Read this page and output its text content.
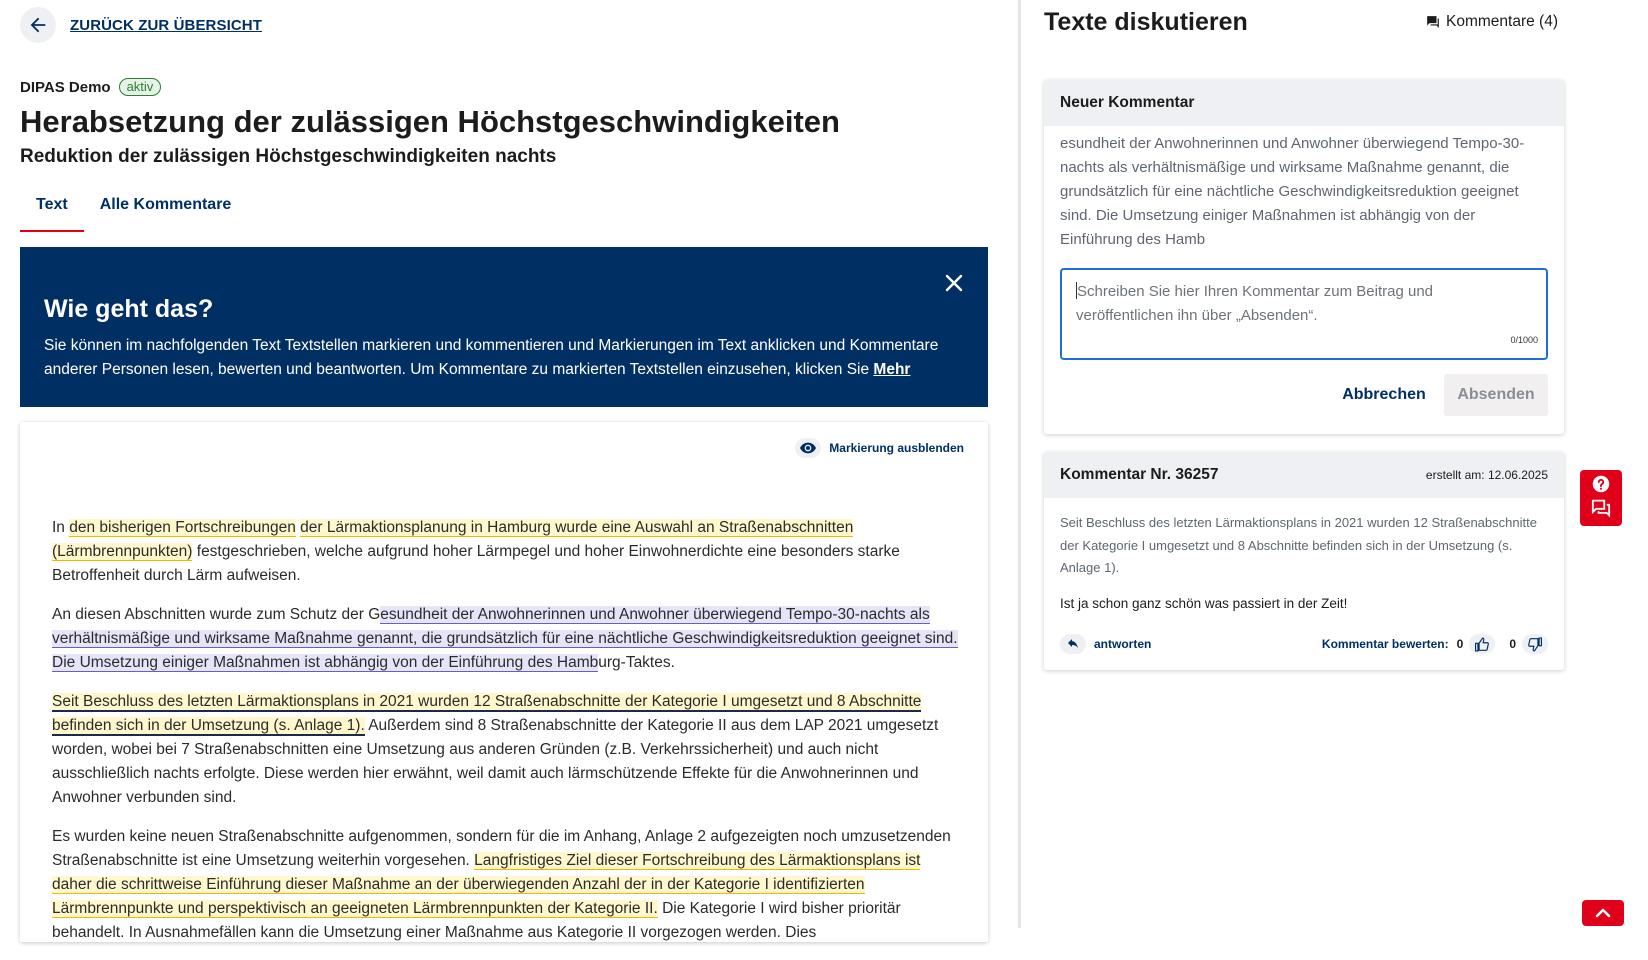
ZURÜCK ZUR ÜBERSICHT
DIPAS Demo	aktiv
Herabsetzung der zulässigen Höchstgeschwindigkeiten
Reduktion der zulässigen Höchstgeschwindigkeiten nachts
Text	Alle Kommentare
Wie geht das?
Sie können im nachfolgenden Text Textstellen markieren und kommentieren und Markierungen im Text anklicken und Kommentare anderer Personen lesen, bewerten und beantworten. Um Kommentare zu markierten Textstellen einzusehen, klicken Sie Mehr
Markierung ausblenden

In den bisherigen Fortschreibungen der Lärmaktionsplanung in Hamburg wurde eine Auswahl an Straßenabschnitten (Lärmbrennpunkten) festgeschrieben, welche aufgrund hoher Lärmpegel und hoher Einwohnerdichte eine besonders starke Betroffenheit durch Lärm aufweisen.

An diesen Abschnitten wurde zum Schutz der Gesundheit der Anwohnerinnen und Anwohner überwiegend Tempo-30-nachts als verhältnismäßige und wirksame Maßnahme genannt, die grundsätzlich für eine nächtliche Geschwindigkeitsreduktion geeignet sind. Die Umsetzung einiger Maßnahmen ist abhängig von der Einführung des Hamburg-Taktes.

Seit Beschluss des letzten Lärmaktionsplans in 2021 wurden 12 Straßenabschnitte der Kategorie I umgesetzt und 8 Abschnitte befinden sich in der Umsetzung (s. Anlage 1). Außerdem sind 8 Straßenabschnitte der Kategorie II aus dem LAP 2021 umgesetzt worden, wobei bei 7 Straßenabschnitten eine Umsetzung aus anderen Gründen (z.B. Verkehrssicherheit) und auch nicht ausschließlich nachts erfolgte. Diese werden hier erwähnt, weil damit auch lärmschützende Effekte für die Anwohnerinnen und Anwohner verbunden sind.

Es wurden keine neuen Straßenabschnitte aufgenommen, sondern für die im Anhang, Anlage 2 aufgezeigten noch umzusetzenden Straßenabschnitte ist eine Umsetzung weiterhin vorgesehen. Langfristiges Ziel dieser Fortschreibung des Lärmaktionsplans ist daher die schrittweise Einführung dieser Maßnahme an der überwiegenden Anzahl der in der Kategorie I identifizierten Lärmbrennpunkte und perspektivisch an geeigneten Lärmbrennpunkten der Kategorie II. Die Kategorie I wird bisher prioritär behandelt. In Ausnahmefällen kann die Umsetzung einer Maßnahme aus Kategorie II vorgezogen werden. Dies

Texte diskutieren	Kommentare (4)
Neuer Kommentar
esundheit der Anwohnerinnen und Anwohner überwiegend Tempo-30-nachts als verhältnismäßige und wirksame Maßnahme genannt, die grundsätzlich für eine nächtliche Geschwindigkeitsreduktion geeignet sind. Die Umsetzung einiger Maßnahmen ist abhängig von der Einführung des Hamb
Schreiben Sie hier Ihren Kommentar zum Beitrag und veröffentlichen ihn über „Absenden“.
0/1000
Abbrechen	Absenden
Kommentar Nr. 36257	erstellt am: 12.06.2025
Seit Beschluss des letzten Lärmaktionsplans in 2021 wurden 12 Straßenabschnitte der Kategorie I umgesetzt und 8 Abschnitte befinden sich in der Umsetzung (s. Anlage 1).
Ist ja schon ganz schön was passiert in der Zeit!
antworten	Kommentar bewerten: 0	0
